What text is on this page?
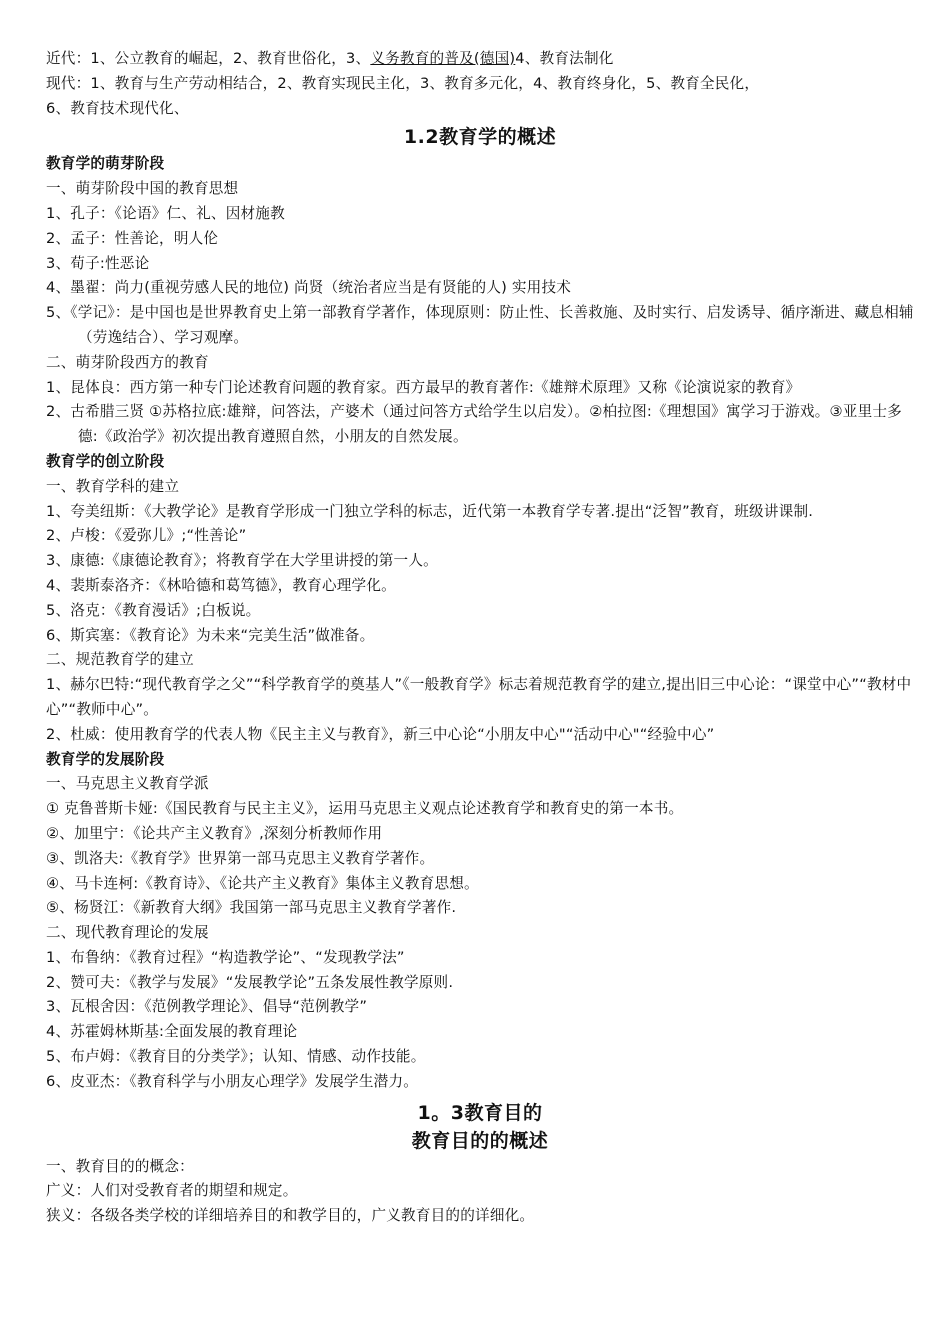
近代：1、公立教育的崛起，2、教育世俗化，3、义务教育的普及(德国)4、教育法制化
现代：1、教育与生产劳动相结合，2、教育实现民主化，3、教育多元化，4、教育终身化，5、教育全民化，
6、教育技术现代化、
1.2教育学的概述
教育学的萌芽阶段
一、萌芽阶段中国的教育思想
1、孔子：《论语》仁、礼、因材施教
2、孟子：性善论，明人伦
3、荀子:性恶论
4、墨翟：尚力(重视劳感人民的地位) 尚贤（统治者应当是有贤能的人) 实用技术
5、《学记》：是中国也是世界教育史上第一部教育学著作，体现原则：防止性、长善救施、及时实行、启发诱导、循序渐进、藏息相辅（劳逸结合）、学习观摩。
二、萌芽阶段西方的教育
1、昆体良：西方第一种专门论述教育问题的教育家。西方最早的教育著作:《雄辩术原理》又称《论演说家的教育》
2、古希腊三贤 ①苏格拉底:雄辩，问答法，产婆术（通过问答方式给学生以启发）。②柏拉图:《理想国》寓学习于游戏。③亚里士多德:《政治学》初次提出教育遵照自然，小朋友的自然发展。
教育学的创立阶段
一、教育学科的建立
1、夸美纽斯：《大教学论》是教育学形成一门独立学科的标志，近代第一本教育学专著.提出“泛智”教育，班级讲课制.
2、卢梭：《爱弥儿》;“性善论”
3、康德:《康德论教育》；将教育学在大学里讲授的第一人。
4、裴斯泰洛齐：《林哈德和葛笃德》，教育心理学化。
5、洛克：《教育漫话》;白板说。
6、斯宾塞：《教育论》为未来“完美生活”做准备。
二、规范教育学的建立
1、赫尔巴特:“现代教育学之父”“科学教育学的奠基人”《一般教育学》标志着规范教育学的建立,提出旧三中心论：“课堂中心”“教材中心”“教师中心”。
2、杜威：使用教育学的代表人物《民主主义与教育》，新三中心论“小朋友中心"“活动中心"“经验中心”
教育学的发展阶段
一、马克思主义教育学派
① 克鲁普斯卡娅:《国民教育与民主主义》，运用马克思主义观点论述教育学和教育史的第一本书。
②、加里宁：《论共产主义教育》,深刻分析教师作用
③、凯洛夫:《教育学》世界第一部马克思主义教育学著作。
④、马卡连柯:《教育诗》、《论共产主义教育》集体主义教育思想。
⑤、杨贤江：《新教育大纲》我国第一部马克思主义教育学著作.
二、现代教育理论的发展
1、布鲁纳：《教育过程》“构造教学论”、“发现教学法”
2、赞可夫：《教学与发展》“发展教学论”五条发展性教学原则.
3、瓦根舍因：《范例教学理论》、倡导“范例教学”
4、苏霍姆林斯基:全面发展的教育理论
5、布卢姆：《教育目的分类学》；认知、情感、动作技能。
6、皮亚杰：《教育科学与小朋友心理学》发展学生潜力。
1。3教育目的
教育目的的概述
一、教育目的的概念：
广义：人们对受教育者的期望和规定。
狭义：各级各类学校的详细培养目的和教学目的，广义教育目的的详细化。
